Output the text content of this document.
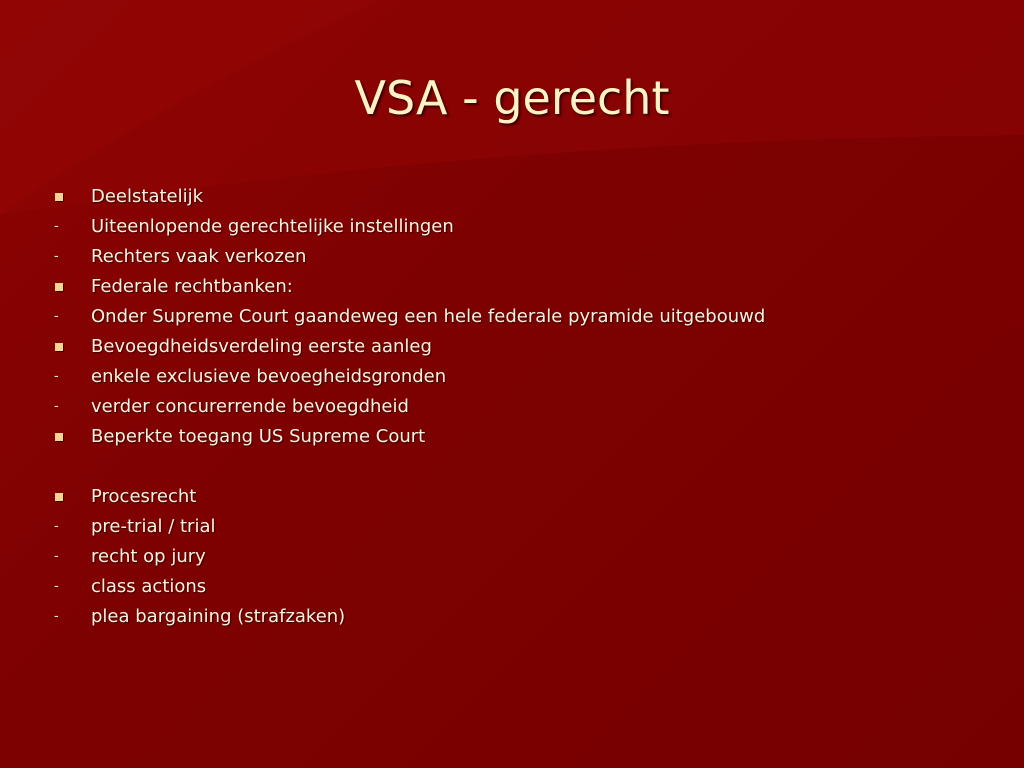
VSA - gerecht
Deelstatelijk
- Uiteenlopende gerechtelijke instellingen
- Rechters vaak verkozen
Federale rechtbanken:
- Onder Supreme Court gaandeweg een hele federale pyramide uitgebouwd
Bevoegdheidsverdeling eerste aanleg
- enkele exclusieve bevoegheidsgronden
- verder concurerrende bevoegdheid
Beperkte toegang US Supreme Court
Procesrecht
- pre-trial / trial
- recht op jury
- class actions
- plea bargaining (strafzaken)
